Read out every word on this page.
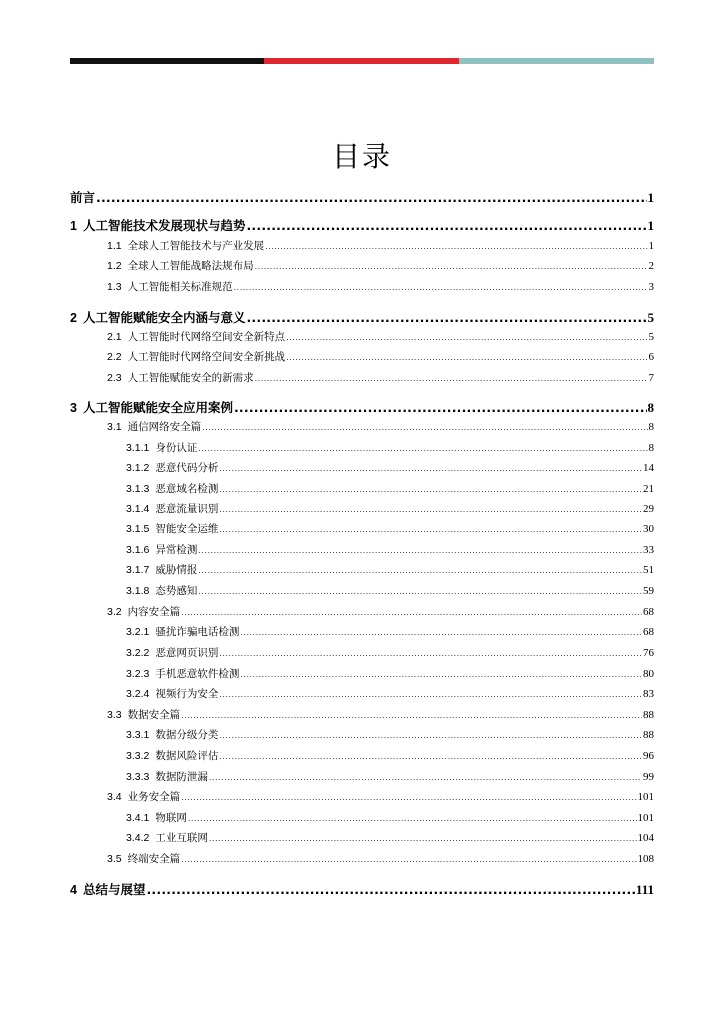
目录
前言 .....	1
1 人工智能技术发展现状与趋势 .....	1
1.1 全球人工智能技术与产业发展 .....	1
1.2 全球人工智能战略法规布局 .....	2
1.3 人工智能相关标准规范 .....	3
2 人工智能赋能安全内涵与意义 .....	5
2.1 人工智能时代网络空间安全新特点 .....	5
2.2 人工智能时代网络空间安全新挑战 .....	6
2.3 人工智能赋能安全的新需求 .....	7
3 人工智能赋能安全应用案例 .....	8
3.1 通信网络安全篇 .....	8
3.1.1 身份认证 .....	8
3.1.2 恶意代码分析 .....	14
3.1.3 恶意域名检测 .....	21
3.1.4 恶意流量识别 .....	29
3.1.5 智能安全运维 .....	30
3.1.6 异常检测 .....	33
3.1.7 威胁情报 .....	51
3.1.8 态势感知 .....	59
3.2 内容安全篇 .....	68
3.2.1 骚扰诈骗电话检测 .....	68
3.2.2 恶意网页识别 .....	76
3.2.3 手机恶意软件检测 .....	80
3.2.4 视频行为安全 .....	83
3.3 数据安全篇 .....	88
3.3.1 数据分级分类 .....	88
3.3.2 数据风险评估 .....	96
3.3.3 数据防泄漏 .....	99
3.4 业务安全篇 .....	101
3.4.1 物联网 .....	101
3.4.2 工业互联网 .....	104
3.5 终端安全篇 .....	108
4 总结与展望 .....	111
